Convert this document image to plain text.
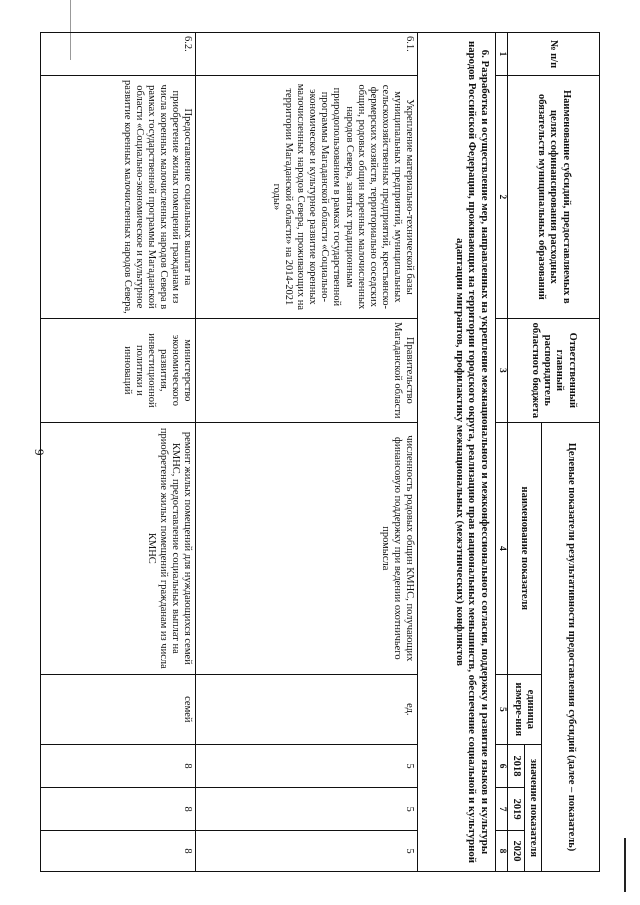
9
№ п/п	Наименование субсидий, предоставляемых в целях софинансирования расходных обязательств муниципальных образований	Ответственный главный распорядитель областного бюджета	Целевые показатели результативности предоставления субсидий (далее – показатель)				
			наименование показателя	единица измере-ния	значение показателя		
					2018	2019	2020
1	2	3	4	5	6	7	8
6. Разработка и осуществление мер, направленных на укрепление межнационального и межконфессионального согласия, поддержку и развитие языков и культуры народов Российской Федерации, проживающих на территории городского округа, реализацию прав национальных меньшинств, обеспечение социальной и культурной адаптации мигрантов, профилактику межнациональных (межэтнических) конфликтов							
6.1.	Укрепление материально-технической базы муниципальных предприятий, муниципальных сельскохозяйственных предприятий, крестьянско-фермерских хозяйств, территориально соседских общин, родовых общин коренных малочисленных народов Севера, занятых традиционным природопользованием в рамках государственной программы Магаданской области «Социально-экономическое и культурное развитие коренных малочисленных народов Севера, проживающих на территории Магаданской области» на 2014-2021 годы»	Правительство Магаданской области	численность родовых общин КМНС, получающих финансовую поддержку при ведении охотничьего промысла	ед.	5	5	5
6.2.	Предоставление социальных выплат на приобретение жилых помещений гражданам из числа коренных малочисленных народов Севера в рамках государственной программы Магаданской области «Социально-экономическое и культурное развитие коренных малочисленных народов Севера,	министерство экономического развития, инвестиционной политики и инноваций	ремонт жилых помещений для нуждающихся семей КМНС, предоставление социальных выплат на приобретение жилых помещений гражданам из числа КМНС	семей	8	8	8
